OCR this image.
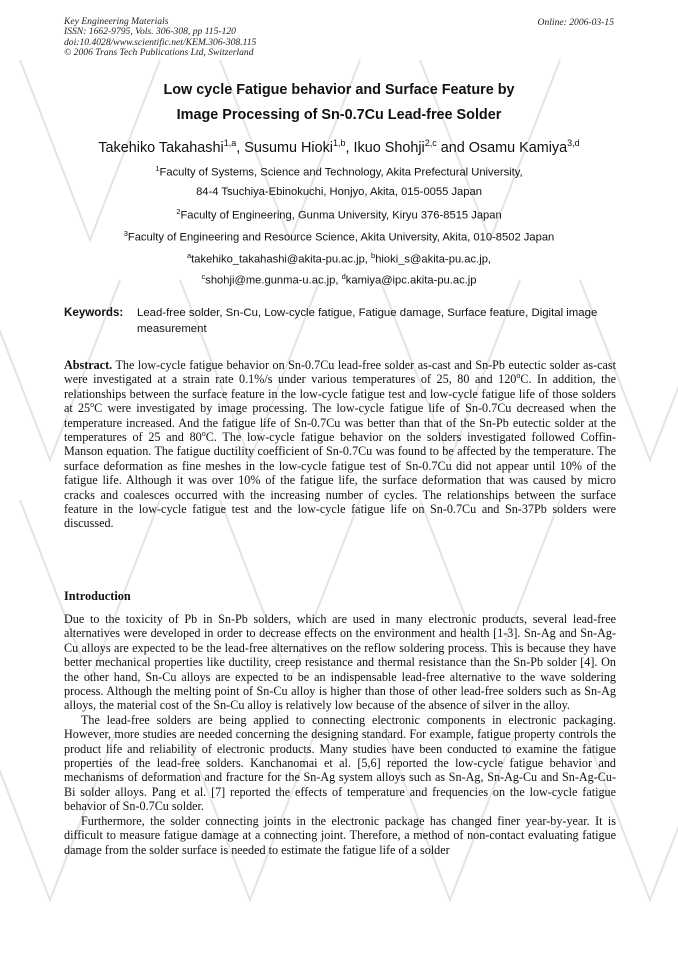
Key Engineering Materials
ISSN: 1662-9795, Vols. 306-308, pp 115-120
doi:10.4028/www.scientific.net/KEM.306-308.115
© 2006 Trans Tech Publications Ltd, Switzerland
Online: 2006-03-15
Low cycle Fatigue behavior and Surface Feature by
Image Processing of Sn-0.7Cu Lead-free Solder
Takehiko Takahashi$^{1,a}$, Susumu Hioki$^{1,b}$, Ikuo Shohji$^{2,c}$ and Osamu Kamiya$^{3,d}$
$^1$Faculty of Systems, Science and Technology, Akita Prefectural University,
84-4 Tsuchiya-Ebinokuchi, Honjyo, Akita, 015-0055 Japan
$^2$Faculty of Engineering, Gunma University, Kiryu 376-8515 Japan
$^3$Faculty of Engineering and Resource Science, Akita University, Akita, 010-8502 Japan
$^a$takehiko_takahashi@akita-pu.ac.jp, $^b$hioki_s@akita-pu.ac.jp,
$^c$shohji@me.gunma-u.ac.jp, $^d$kamiya@ipc.akita-pu.ac.jp
Keywords: Lead-free solder, Sn-Cu, Low-cycle fatigue, Fatigue damage, Surface feature, Digital image measurement

Abstract. The low-cycle fatigue behavior on Sn-0.7Cu lead-free solder as-cast and Sn-Pb eutectic solder as-cast were investigated at a strain rate 0.1%/s under various temperatures of 25, 80 and 120$^o$C. In addition, the relationships between the surface feature in the low-cycle fatigue test and low-cycle fatigue life of those solders at 25$^o$C were investigated by image processing. The low-cycle fatigue life of Sn-0.7Cu decreased when the temperature increased. And the fatigue life of Sn-0.7Cu was better than that of the Sn-Pb eutectic solder at the temperatures of 25 and 80$^o$C. The low-cycle fatigue behavior on the solders investigated followed Coffin-Manson equation. The fatigue ductility coefficient of Sn-0.7Cu was found to be affected by the temperature. The surface deformation as fine meshes in the low-cycle fatigue test of Sn-0.7Cu did not appear until 10% of the fatigue life. Although it was over 10% of the fatigue life, the surface deformation that was caused by micro cracks and coalesces occurred with the increasing number of cycles. The relationships between the surface feature in the low-cycle fatigue test and the low-cycle fatigue life on Sn-0.7Cu and Sn-37Pb solders were discussed.

Introduction

Due to the toxicity of Pb in Sn-Pb solders, which are used in many electronic products, several lead-free alternatives were developed in order to decrease effects on the environment and health [1-3]. Sn-Ag and Sn-Ag-Cu alloys are expected to be the lead-free alternatives on the reflow soldering process. This is because they have better mechanical properties like ductility, creep resistance and thermal resistance than the Sn-Pb solder [4]. On the other hand, Sn-Cu alloys are expected to be an indispensable lead-free alternative to the wave soldering process. Although the melting point of Sn-Cu alloy is higher than those of other lead-free solders such as Sn-Ag alloys, the material cost of the Sn-Cu alloy is relatively low because of the absence of silver in the alloy.

The lead-free solders are being applied to connecting electronic components in electronic packaging. However, more studies are needed concerning the designing standard. For example, fatigue property controls the product life and reliability of electronic products. Many studies have been conducted to examine the fatigue properties of the lead-free solders. Kanchanomai et al. [5,6] reported the low-cycle fatigue behavior and mechanisms of deformation and fracture for the Sn-Ag system alloys such as Sn-Ag, Sn-Ag-Cu and Sn-Ag-Cu-Bi solder alloys. Pang et al. [7] reported the effects of temperature and frequencies on the low-cycle fatigue behavior of Sn-0.7Cu solder.

Furthermore, the solder connecting joints in the electronic package has changed finer year-by-year. It is difficult to measure fatigue damage at a connecting joint. Therefore, a method of non-contact evaluating fatigue damage from the solder surface is needed to estimate the fatigue life of a solder
